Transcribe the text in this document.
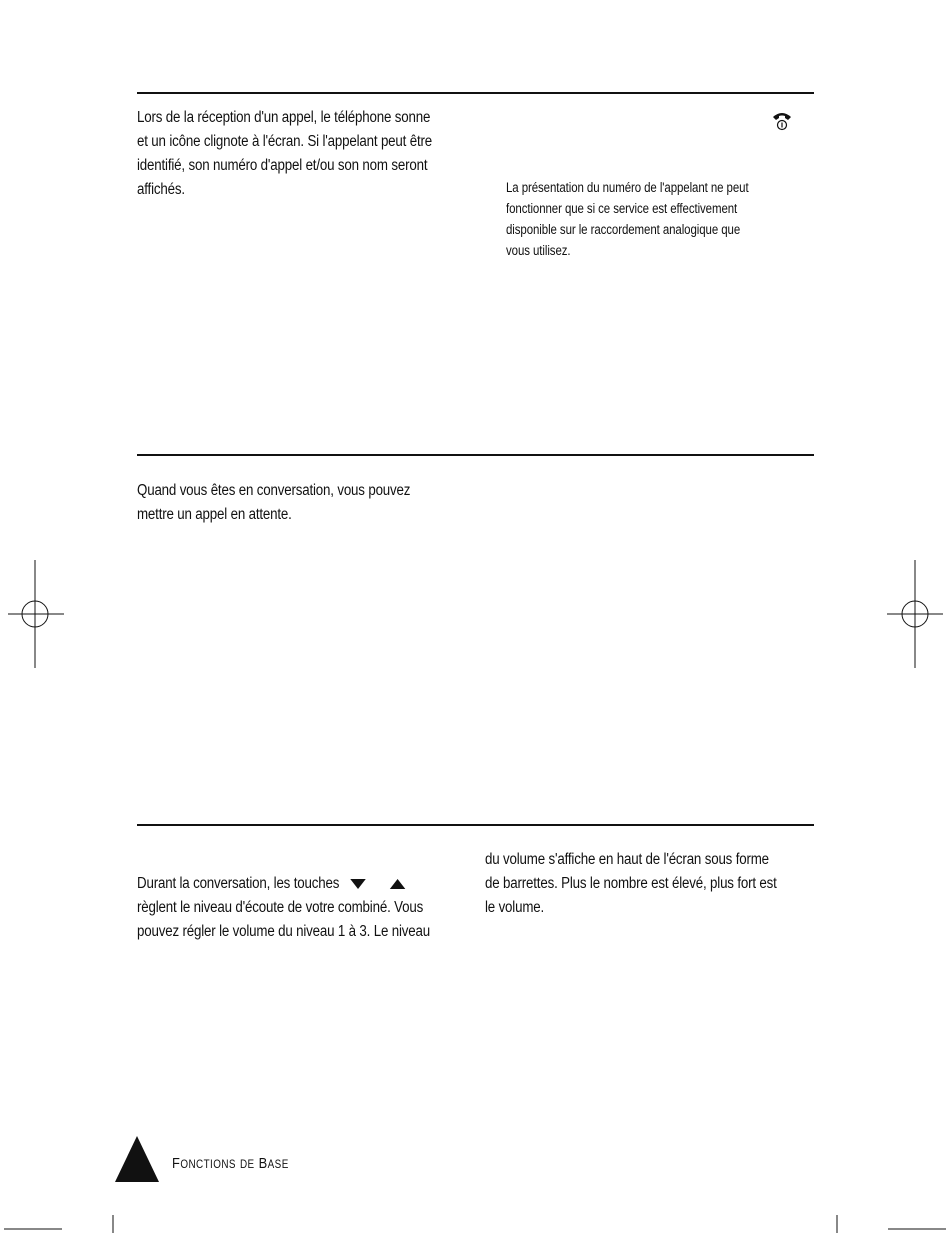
Lors de la réception d'un appel, le téléphone sonne
et un icône clignote à l'écran. Si l'appelant peut être
identifié, son numéro d'appel et/ou son nom seront
affichés.	La présentation du numéro de l'appelant ne peut
fonctionner que si ce service est effectivement
disponible sur le raccordement analogique que
vous utilisez.
Quand vous êtes en conversation, vous pouvez
mettre un appel en attente.

Durant la conversation, les touches

règlent le niveau d'écoute de votre combiné. Vous
pouvez régler le volume du niveau 1 à 3. Le niveau

du volume s'affiche en haut de l'écran sous forme
de barrettes. Plus le nombre est élevé, plus fort est
le volume.
FONCTIONS DE BASE
